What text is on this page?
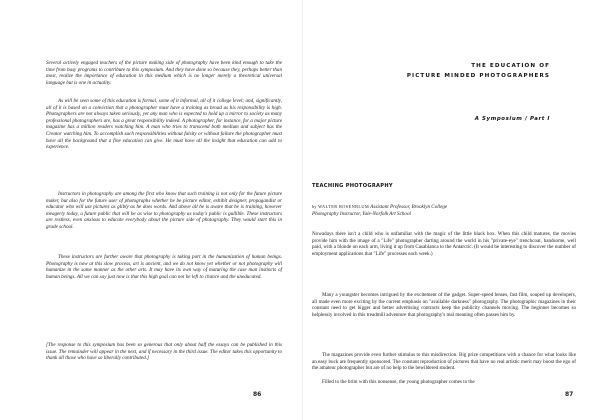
Several actively engaged teachers of the picture making side of photography have been kind enough to take the time from busy programs to contribute to this symposium. And they have done so because they, perhaps better than most, realize the importance of education in this medium which is no longer merely a theoretical universal language but is one in actuality.

As will be seen some of this education is formal, some of it informal, all of it college level; and, significantly, all of it is based on a conviction that a photographer must have a training as broad as his responsibility is high. Photographers are not always taken seriously, yet any man who is expected to hold up a mirror to society as many professional photographers are, has a great responsibility indeed. A photographer, for instance, for a major picture magazine has a million readers watching him. A man who tries to transcend both medium and subject has the Creator watching him. To accomplish such responsibilities without falsity or without failure the photographer must have all the background that a fine education can give. He must have all the insight that education can add to experience.

Instructors in photography are among the first who know that such training is not only for the future picture maker, but also for the future user of photographs whether he be picture editor, exhibit designer, propagandist or educator who will use pictures as glibly as he does words. And above all he is aware that he is training, however meagerly today, a future public that will be as wise to photography as today's public is gullible. These instructors are restless, even anxious to educate everybody about the picture side of photography. They would start this in grade school.

These instructors are further aware that photography is taking part in the humanization of human beings. Photography is now at this slow process, art is ancient, and we do not know yet whether or not photography will humanize in the same manner as the other arts. It may have its own way of maturing the case man instincts of human beings. All we can say just now is that this high goal can not be left to chance and the uneducated.

[The response to this symposium has been so generous that only about half the essays can be published in this issue. The remainder will appear in the next, and if necessary in the third issue. The editor takes this opportunity to thank all those who have so liberally contributed.]

86
THE EDUCATION OF
PICTURE MINDED PHOTOGRAPHERS
A Symposium / Part I
TEACHING PHOTOGRAPHY
by WALTER ROSENBLUM Assistant Professor, Brooklyn College
Photography Instructor, Yale-Norfolk Art School

Nowadays there isn't a child who is unfamiliar with the magic of the little black box. When this child matures, the movies provide him with the image of a "Life" photographer darting around the world in his "private-eye" trenchcoat, handsome, well paid, with a blonde on each arm, living it up from Casablanca to the Antarctic. (It would be interesting to discover the number of employment applications that "Life" processes each week.)

Many a youngster becomes intrigued by the excitement of the gadget. Super-speed lenses, fast film, souped up developers, all made even more exciting by the current emphasis on "available darkness" photography. The photographic magazines in their constant need to get bigger and better advertising contracts keep the publicity channels moving. The beginner becomes so helplessly involved in this treadmill adventure that photography's real meaning often passes him by.

The magazines provide even further stimulus to this misdirection. Big prize competitions with a chance for what looks like an easy buck are frequently sponsored. The constant reproduction of pictures that have no real artistic merit may boost the ego of the amateur photographer but are of no help to the bewildered student.

Filled to the brim with this nonsense, the young photographer comes to the

87
